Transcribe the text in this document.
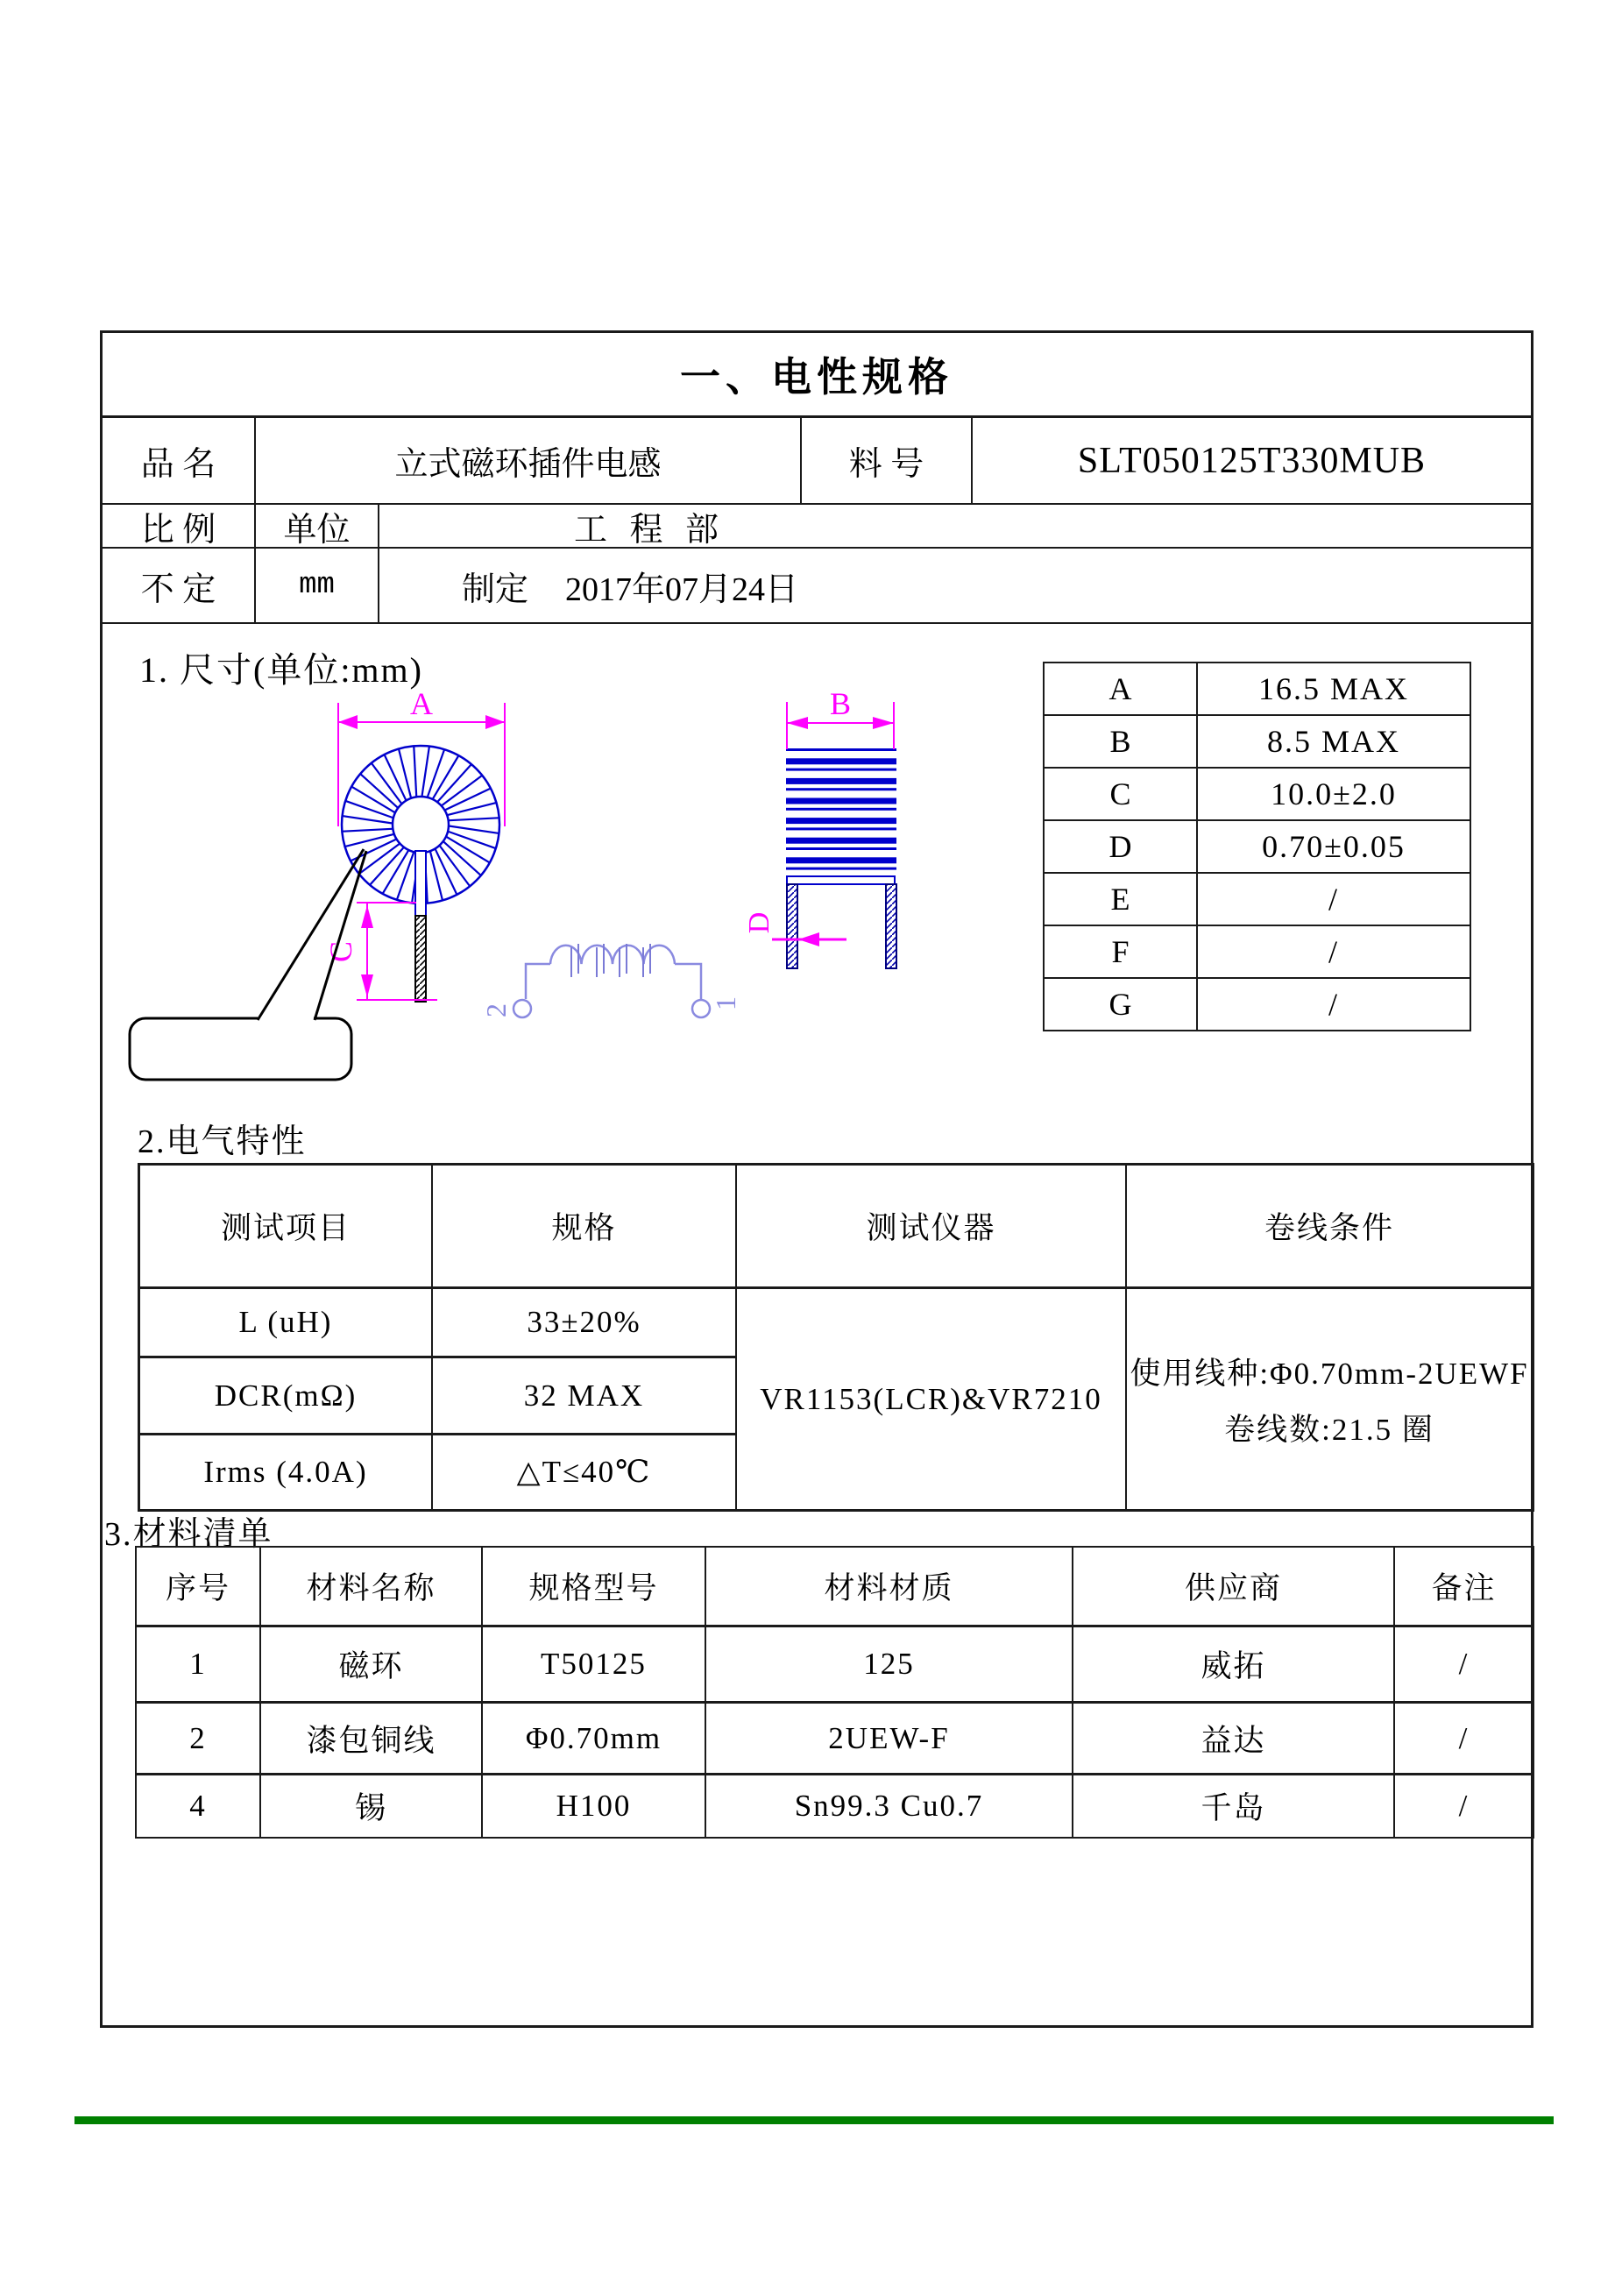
一、电性规格
品 名	立式磁环插件电感	料 号	SLT050125T330MUB
比 例	单位	工 程 部
不 定	mm	制定 2017年07月24日
A
C
2	1
B
D
1. 尺寸(单位:mm)	A	16.5 MAX
B	8.5 MAX
C	10.0±2.0
D	0.70±0.05
E	/
F	/
G	/
2.电气特性
测试项目	规格	测试仪器	卷线条件
L (uH)	33±20%
VR1153(LCR)&VR7210
使用线种:Φ0.70mm-2UEWF
卷线数:21.5 圈
DCR(mΩ)	32 MAX
Irms (4.0A)	△T≤40℃
3.材料清单
序号	材料名称	规格型号	材料材质	供应商	备注
1	磁环	T50125	125	威拓	/
2	漆包铜线	Φ0.70mm	2UEW-F	益达	/
4	锡	H100	Sn99.3 Cu0.7	千岛	/
